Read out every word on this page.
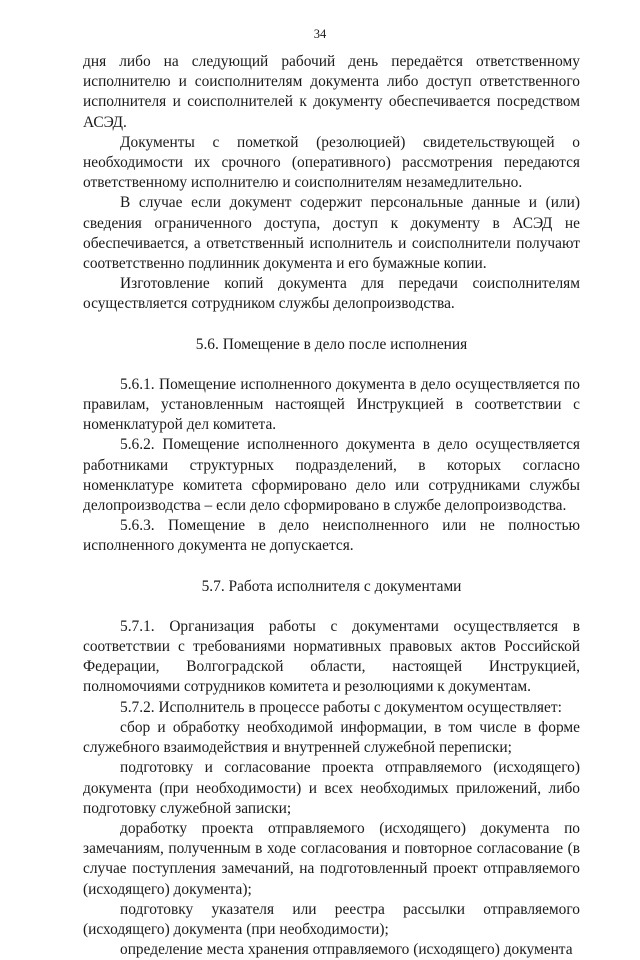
34

дня либо на следующий рабочий день передаётся ответственному исполнителю и соисполнителям документа либо доступ ответственного исполнителя и соисполнителей к документу обеспечивается посредством АСЭД.

Документы с пометкой (резолюцией) свидетельствующей о необходимости их срочного (оперативного) рассмотрения передаются ответственному исполнителю и соисполнителям незамедлительно.

В случае если документ содержит персональные данные и (или) сведения ограниченного доступа, доступ к документу в АСЭД не обеспечивается, а ответственный исполнитель и соисполнители получают соответственно подлинник документа и его бумажные копии.

Изготовление копий документа для передачи соисполнителям осуществляется сотрудником службы делопроизводства.

5.6. Помещение в дело после исполнения

5.6.1. Помещение исполненного документа в дело осуществляется по правилам, установленным настоящей Инструкцией в соответствии с номенклатурой дел комитета.

5.6.2. Помещение исполненного документа в дело осуществляется работниками структурных подразделений, в которых согласно номенклатуре комитета сформировано дело или сотрудниками службы делопроизводства – если дело сформировано в службе делопроизводства.

5.6.3. Помещение в дело неисполненного или не полностью исполненного документа не допускается.

5.7. Работа исполнителя с документами

5.7.1. Организация работы с документами осуществляется в соответствии с требованиями нормативных правовых актов Российской Федерации, Волгоградской области, настоящей Инструкцией, полномочиями сотрудников комитета и резолюциями к документам.

5.7.2. Исполнитель в процессе работы с документом осуществляет:

сбор и обработку необходимой информации, в том числе в форме служебного взаимодействия и внутренней служебной переписки;

подготовку и согласование проекта отправляемого (исходящего) документа (при необходимости) и всех необходимых приложений, либо подготовку служебной записки;

доработку проекта отправляемого (исходящего) документа по замечаниям, полученным в ходе согласования и повторное согласование (в случае поступления замечаний, на подготовленный проект отправляемого (исходящего) документа);

подготовку указателя или реестра рассылки отправляемого (исходящего) документа (при необходимости);

определение места хранения отправляемого (исходящего) документа
